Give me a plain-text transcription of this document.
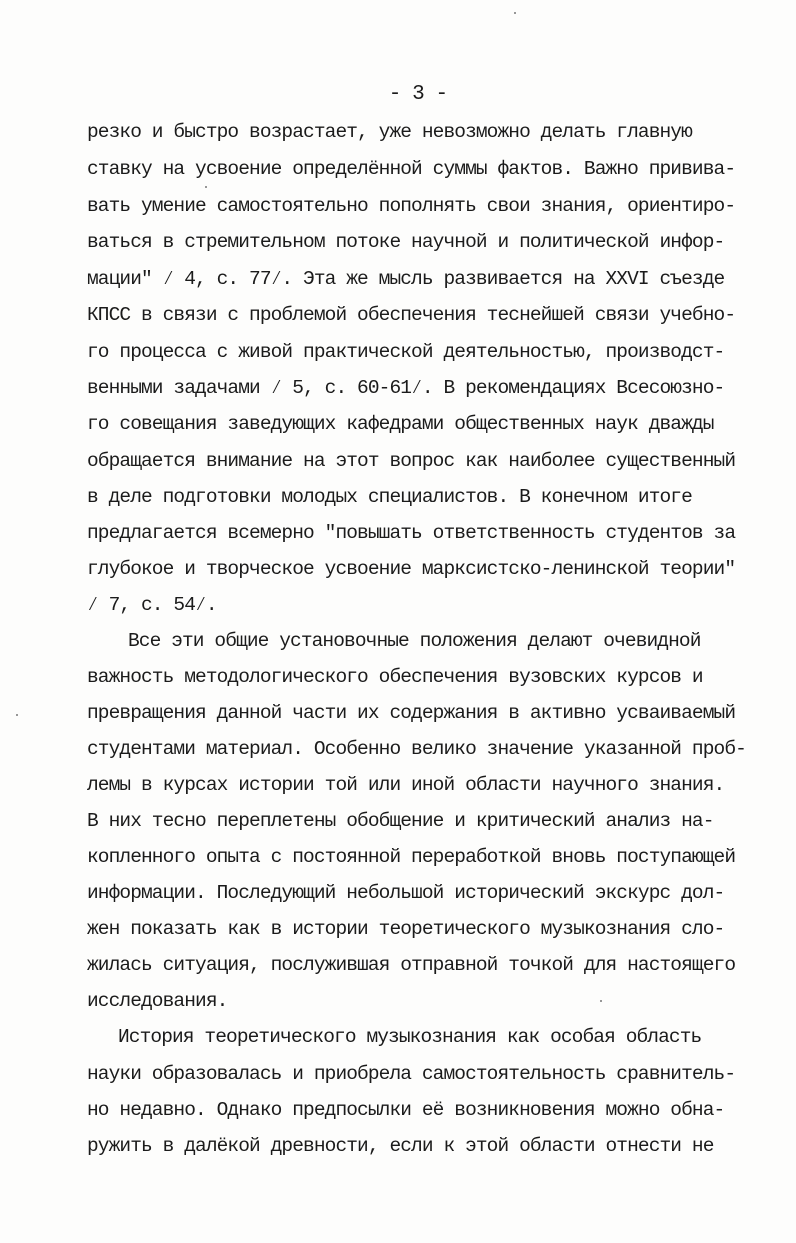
- 3 -
резко и быстро возрастает, уже невозможно делать главную
ставку на усвоение определённой суммы фактов. Важно привива-
вать умение самостоятельно пополнять свои знания, ориентиро-
ваться в стремительном потоке научной и политической инфор-
мации" ⁄ 4, с. 77⁄. Эта же мысль развивается на XXVI съезде
КПСС в связи с проблемой обеспечения теснейшей связи учебно-
го процесса с живой практической деятельностью, производст-
венными задачами ⁄ 5, с. 60-61⁄. В рекомендациях Всесоюзно-
го совещания заведующих кафедрами общественных наук дважды
обращается внимание на этот вопрос как наиболее существенный
в деле подготовки молодых специалистов. В конечном итоге
предлагается всемерно "повышать ответственность студентов за
глубокое и творческое усвоение марксистско-ленинской теории"
⁄ 7, с. 54⁄.
Все эти общие установочные положения делают очевидной
важность методологического обеспечения вузовских курсов и
превращения данной части их содержания в активно усваиваемый
студентами материал. Особенно велико значение указанной проб-
лемы в курсах истории той или иной области научного знания.
В них тесно переплетены обобщение и критический анализ на-
копленного опыта с постоянной переработкой вновь поступающей
информации. Последующий небольшой исторический экскурс дол-
жен показать как в истории теоретического музыкознания сло-
жилась ситуация, послужившая отправной точкой для настоящего
исследования.
История теоретического музыкознания как особая область
науки образовалась и приобрела самостоятельность сравнитель-
но недавно. Однако предпосылки её возникновения можно обна-
ружить в далёкой древности, если к этой области отнести не
